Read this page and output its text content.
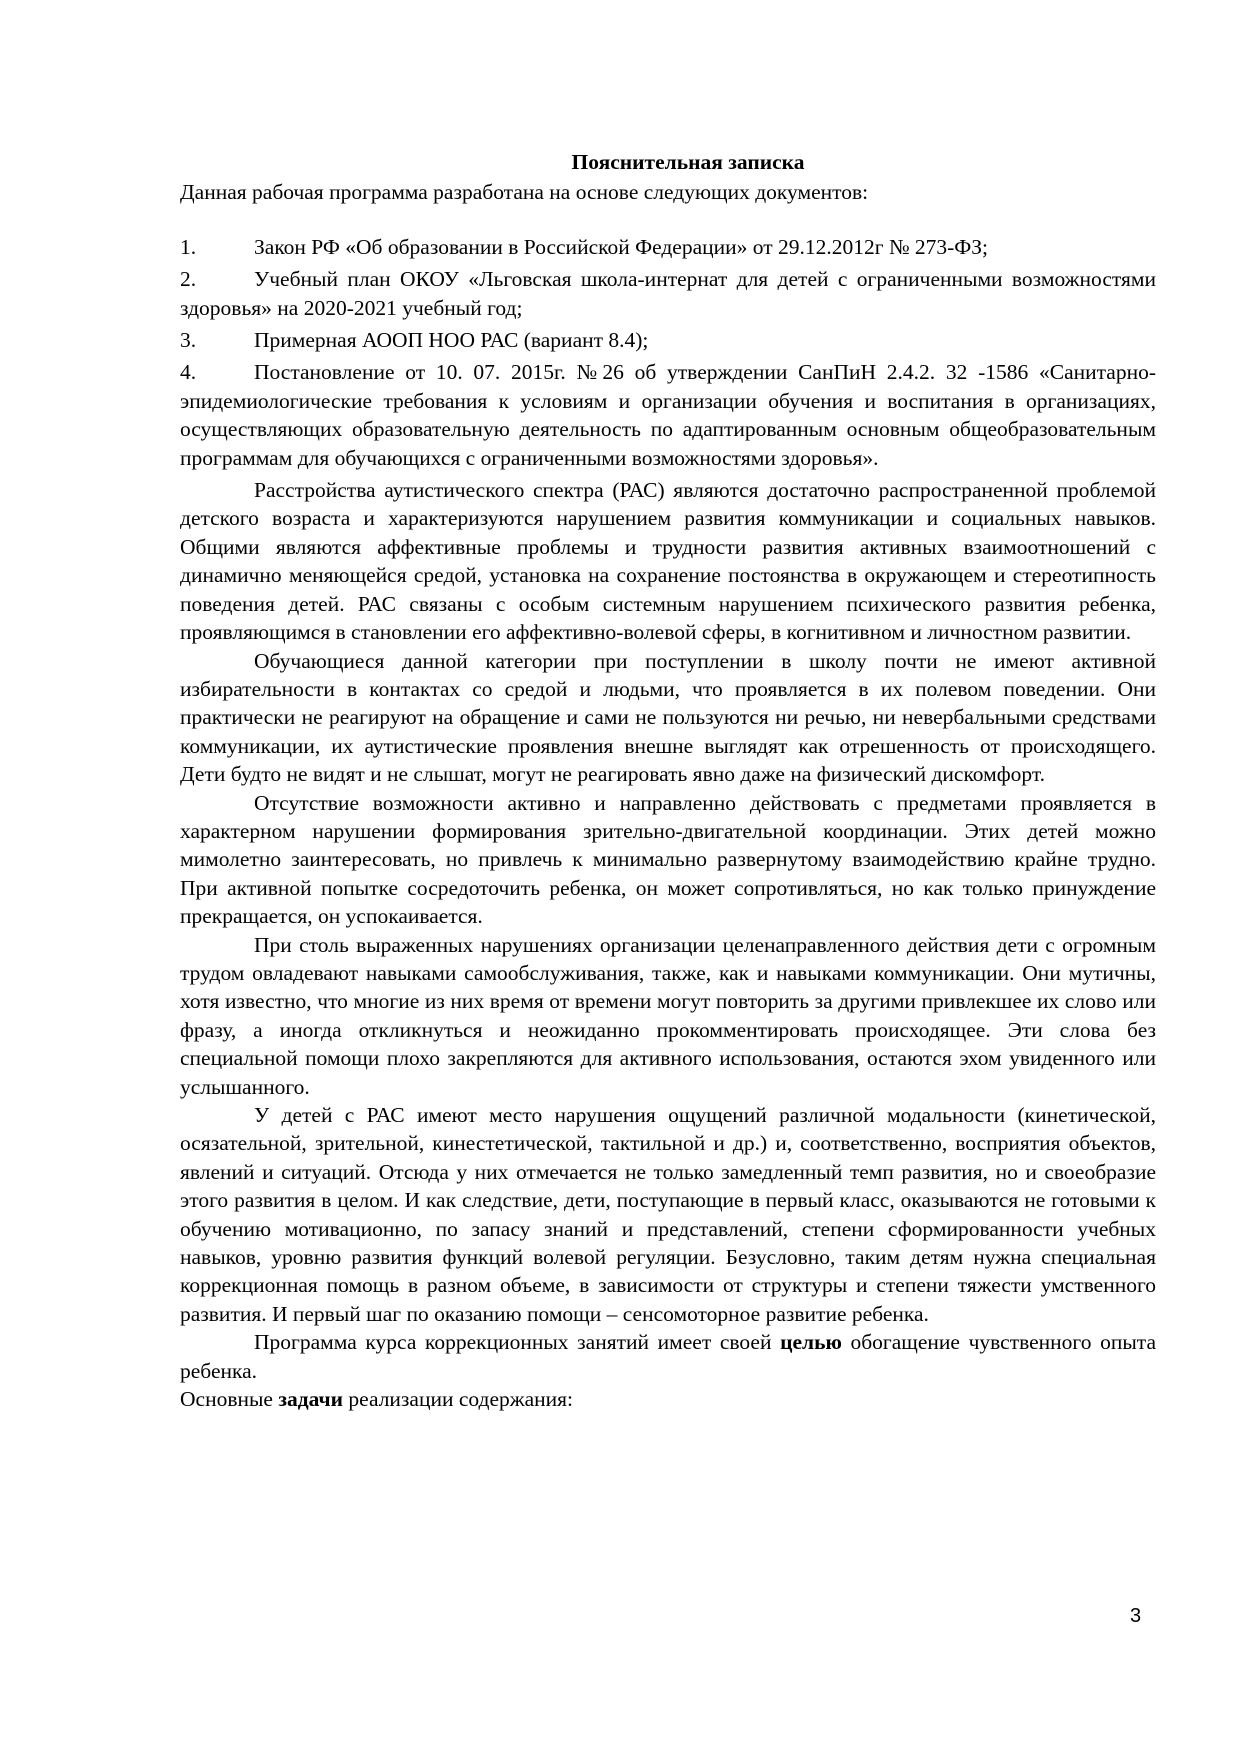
Пояснительная записка

Данная рабочая программа разработана на основе следующих документов:

1.	Закон РФ «Об образовании в Российской Федерации» от 29.12.2012г № 273-ФЗ;
2.	Учебный план ОКОУ «Льговская школа-интернат для детей с ограниченными возможностями здоровья» на 2020-2021 учебный год;
3.	Примерная АООП НОО РАС (вариант 8.4);
4.	Постановление от 10. 07. 2015г. №26 об утверждении СанПиН 2.4.2. 32 -1586 «Санитарно-эпидемиологические требования к условиям и организации обучения и воспитания в организациях, осуществляющих образовательную деятельность по адаптированным основным общеобразовательным программам для обучающихся с ограниченными возможностями здоровья».

Расстройства аутистического спектра (РАС) являются достаточно распространенной проблемой детского возраста и характеризуются нарушением развития коммуникации и социальных навыков. Общими являются аффективные проблемы и трудности развития активных взаимоотношений с динамично меняющейся средой, установка на сохранение постоянства в окружающем и стереотипность поведения детей. РАС связаны с особым системным нарушением психического развития ребенка, проявляющимся в становлении его аффективно-волевой сферы, в когнитивном и личностном развитии.

Обучающиеся данной категории при поступлении в школу почти не имеют активной избирательности в контактах со средой и людьми, что проявляется в их полевом поведении. Они практически не реагируют на обращение и сами не пользуются ни речью, ни невербальными средствами коммуникации, их аутистические проявления внешне выглядят как отрешенность от происходящего. Дети будто не видят и не слышат, могут не реагировать явно даже на физический дискомфорт.

Отсутствие возможности активно и направленно действовать с предметами проявляется в характерном нарушении формирования зрительно-двигательной координации. Этих детей можно мимолетно заинтересовать, но привлечь к минимально развернутому взаимодействию крайне трудно. При активной попытке сосредоточить ребенка, он может сопротивляться, но как только принуждение прекращается, он успокаивается.

При столь выраженных нарушениях организации целенаправленного действия дети с огромным трудом овладевают навыками самообслуживания, также, как и навыками коммуникации. Они мутичны, хотя известно, что многие из них время от времени могут повторить за другими привлекшее их слово или фразу, а иногда откликнуться и неожиданно прокомментировать происходящее. Эти слова без специальной помощи плохо закрепляются для активного использования, остаются эхом увиденного или услышанного.

У детей с РАС имеют место нарушения ощущений различной модальности (кинетической, осязательной, зрительной, кинестетической, тактильной и др.) и, соответственно, восприятия объектов, явлений и ситуаций. Отсюда у них отмечается не только замедленный темп развития, но и своеобразие этого развития в целом. И как следствие, дети, поступающие в первый класс, оказываются не готовыми к обучению мотивационно, по запасу знаний и представлений, степени сформированности учебных навыков, уровню развития функций волевой регуляции. Безусловно, таким детям нужна специальная коррекционная помощь в разном объеме, в зависимости от структуры и степени тяжести умственного развития. И первый шаг по оказанию помощи – сенсомоторное развитие ребенка.

Программа курса коррекционных занятий имеет своей целью обогащение чувственного опыта ребенка.

Основные задачи реализации содержания:

3
